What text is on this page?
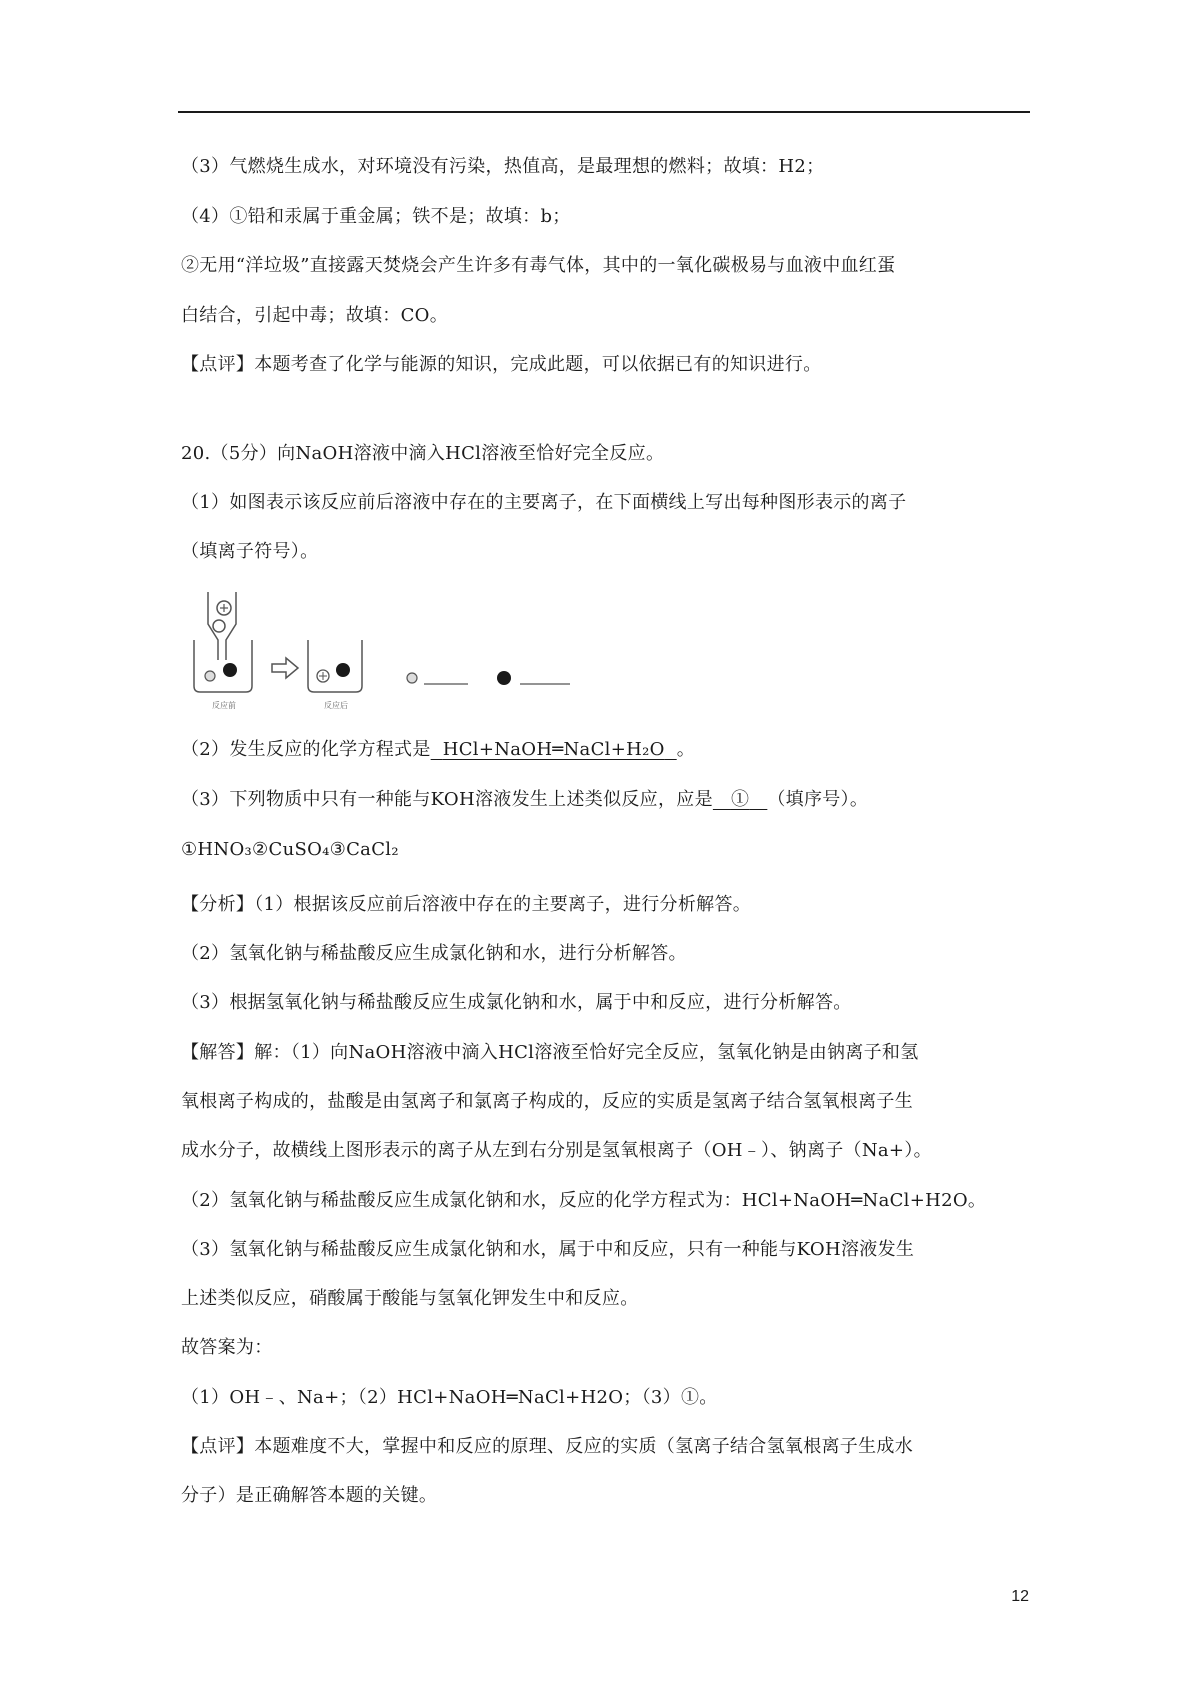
（3）气燃烧生成水，对环境没有污染，热值高，是最理想的燃料；故填：H2；
（4）①铅和汞属于重金属；铁不是；故填：b；
②无用“洋垃圾”直接露天焚烧会产生许多有毒气体，其中的一氧化碳极易与血液中血红蛋
白结合，引起中毒；故填：CO。
【点评】本题考查了化学与能源的知识，完成此题，可以依据已有的知识进行。
20.（5分）向NaOH溶液中滴入HCl溶液至恰好完全反应。
（1）如图表示该反应前后溶液中存在的主要离子，在下面横线上写出每种图形表示的离子
（填离子符号）。
反应前	反应后
（2）发生反应的化学方程式是 HCl+NaOH═NaCl+H₂O 。
（3）下列物质中只有一种能与KOH溶液发生上述类似反应，应是 ① （填序号）。
①HNO₃②CuSO₄③CaCl₂
【分析】（1）根据该反应前后溶液中存在的主要离子，进行分析解答。
（2）氢氧化钠与稀盐酸反应生成氯化钠和水，进行分析解答。
（3）根据氢氧化钠与稀盐酸反应生成氯化钠和水，属于中和反应，进行分析解答。
【解答】解：（1）向NaOH溶液中滴入HCl溶液至恰好完全反应，氢氧化钠是由钠离子和氢
氧根离子构成的，盐酸是由氢离子和氯离子构成的，反应的实质是氢离子结合氢氧根离子生
成水分子，故横线上图形表示的离子从左到右分别是氢氧根离子（OH﹣）、钠离子（Na+）。
（2）氢氧化钠与稀盐酸反应生成氯化钠和水，反应的化学方程式为：HCl+NaOH═NaCl+H2O。
（3）氢氧化钠与稀盐酸反应生成氯化钠和水，属于中和反应，只有一种能与KOH溶液发生
上述类似反应，硝酸属于酸能与氢氧化钾发生中和反应。
故答案为：
（1）OH﹣、Na+；（2）HCl+NaOH═NaCl+H2O；（3）①。
【点评】本题难度不大，掌握中和反应的原理、反应的实质（氢离子结合氢氧根离子生成水
分子）是正确解答本题的关键。
12
